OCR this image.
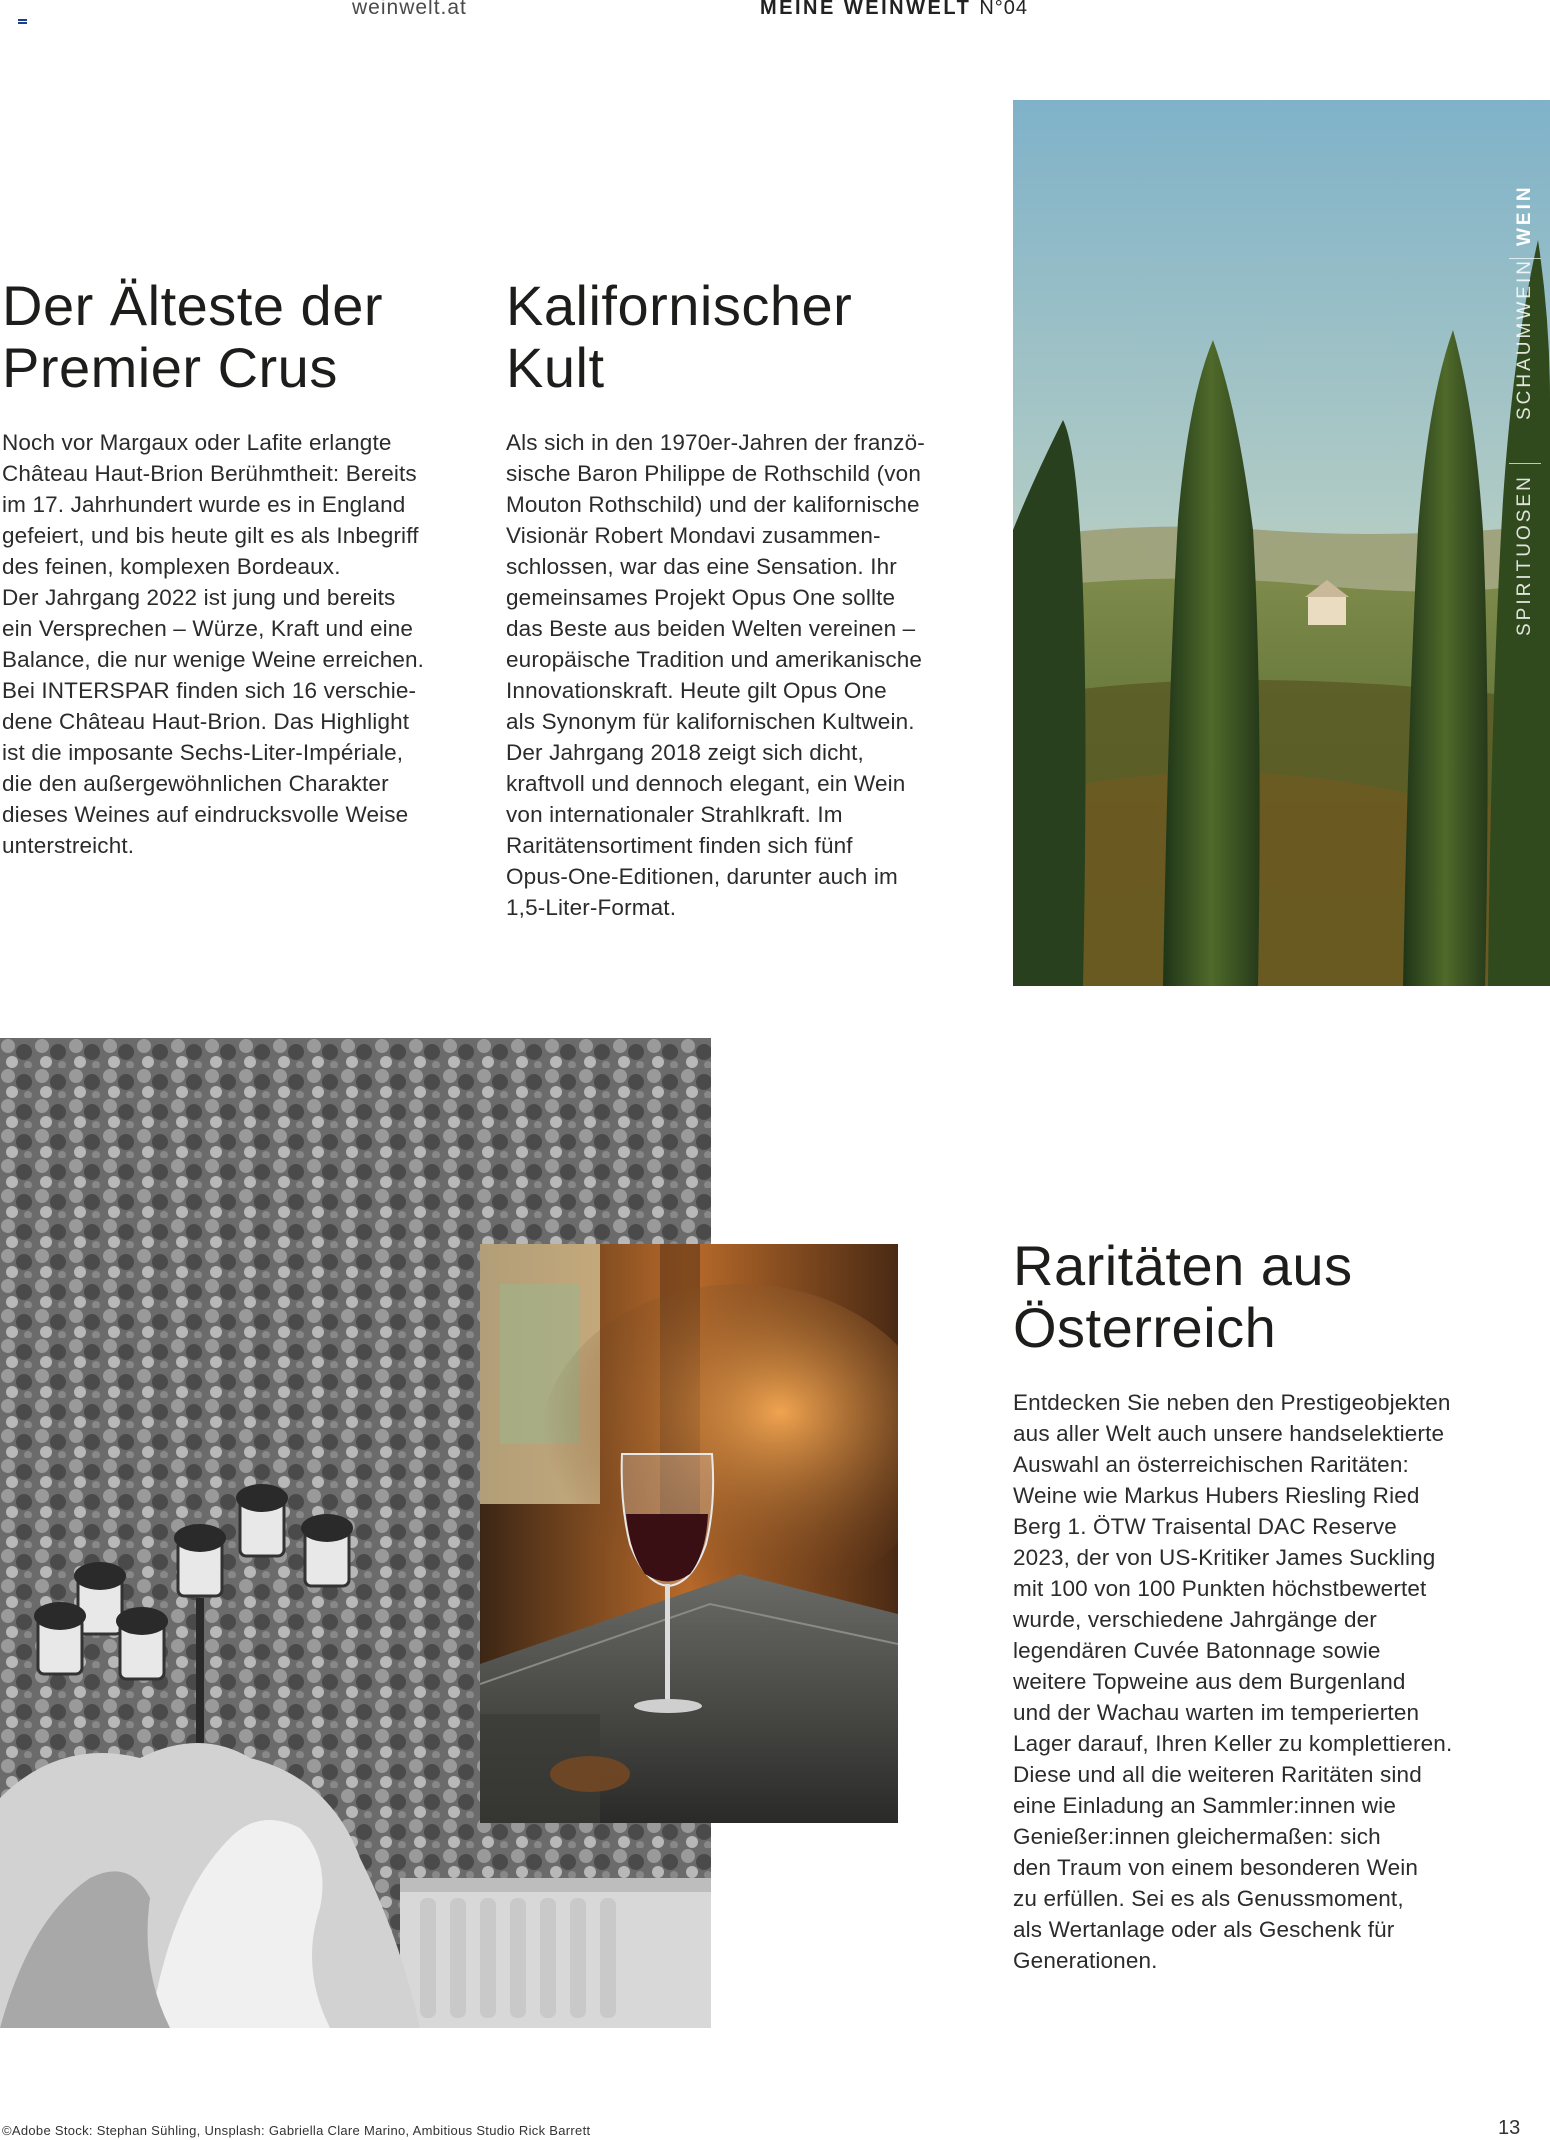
weinwelt.at	MEINE WEINWELT N°04
Der Älteste der
Premier Crus
Noch vor Margaux oder Lafite erlangte
Château Haut-Brion Berühmtheit: Bereits
im 17. Jahrhundert wurde es in England
gefeiert, und bis heute gilt es als Inbegriff
des feinen, komplexen Bordeaux.
Der Jahrgang 2022 ist jung und bereits
ein Versprechen – Würze, Kraft und eine
Balance, die nur wenige Weine erreichen.
Bei INTERSPAR finden sich 16 verschie-
dene Château Haut-Brion. Das Highlight
ist die imposante Sechs-Liter-Impériale,
die den außergewöhnlichen Charakter
dieses Weines auf eindrucksvolle Weise
unterstreicht.
Kalifornischer
Kult
Als sich in den 1970er-Jahren der franzö-
sische Baron Philippe de Rothschild (von
Mouton Rothschild) und der kalifornische
Visionär Robert Mondavi zusammen-
schlossen, war das eine Sensation. Ihr
gemeinsames Projekt Opus One sollte
das Beste aus beiden Welten vereinen –
europäische Tradition und amerikanische
Innovationskraft. Heute gilt Opus One
als Synonym für kalifornischen Kultwein.
Der Jahrgang 2018 zeigt sich dicht,
kraftvoll und dennoch elegant, ein Wein
von internationaler Strahlkraft. Im
Raritätensortiment finden sich fünf
Opus-One-Editionen, darunter auch im
1,5-Liter-Format.
WEIN
SCHAUMWEIN
SPIRITUOSEN
Raritäten aus
Österreich
Entdecken Sie neben den Prestigeobjekten
aus aller Welt auch unsere handselektierte
Auswahl an österreichischen Raritäten:
Weine wie Markus Hubers Riesling Ried
Berg 1. ÖTW Traisental DAC Reserve
2023, der von US-Kritiker James Suckling
mit 100 von 100 Punkten höchstbewertet
wurde, verschiedene Jahrgänge der
legendären Cuvée Batonnage sowie
weitere Topweine aus dem Burgenland
und der Wachau warten im temperierten
Lager darauf, Ihren Keller zu komplettieren.
Diese und all die weiteren Raritäten sind
eine Einladung an Sammler:innen wie
Genießer:innen gleichermaßen: sich
den Traum von einem besonderen Wein
zu erfüllen. Sei es als Genussmoment,
als Wertanlage oder als Geschenk für
Generationen.
©Adobe Stock: Stephan Sühling, Unsplash: Gabriella Clare Marino, Ambitious Studio Rick Barrett	13
